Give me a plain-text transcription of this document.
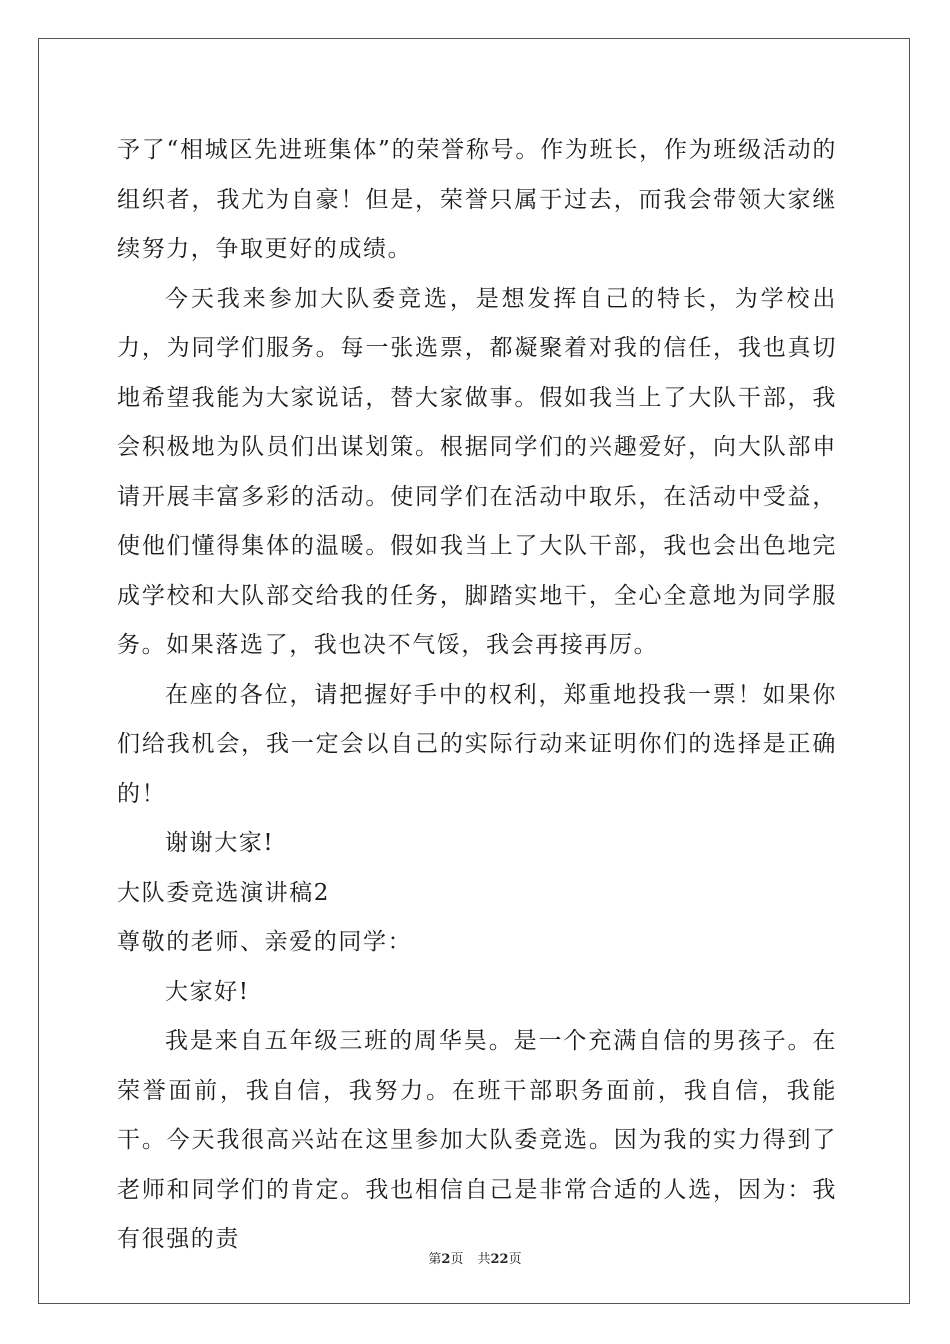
予了“相城区先进班集体”的荣誉称号。作为班长，作为班级活动的组织者，我尤为自豪！但是，荣誉只属于过去，而我会带领大家继续努力，争取更好的成绩。

今天我来参加大队委竞选，是想发挥自己的特长，为学校出力，为同学们服务。每一张选票，都凝聚着对我的信任，我也真切地希望我能为大家说话，替大家做事。假如我当上了大队干部，我会积极地为队员们出谋划策。根据同学们的兴趣爱好，向大队部申请开展丰富多彩的活动。使同学们在活动中取乐，在活动中受益，使他们懂得集体的温暖。假如我当上了大队干部，我也会出色地完成学校和大队部交给我的任务，脚踏实地干，全心全意地为同学服务。如果落选了，我也决不气馁，我会再接再厉。

在座的各位，请把握好手中的权利，郑重地投我一票！如果你们给我机会，我一定会以自己的实际行动来证明你们的选择是正确的！

谢谢大家!

大队委竞选演讲稿2

尊敬的老师、亲爱的同学：

大家好!

我是来自五年级三班的周华昊。是一个充满自信的男孩子。在荣誉面前，我自信，我努力。在班干部职务面前，我自信，我能干。今天我很高兴站在这里参加大队委竞选。因为我的实力得到了老师和同学们的肯定。我也相信自己是非常合适的人选，因为：我有很强的责

第2页 共22页
